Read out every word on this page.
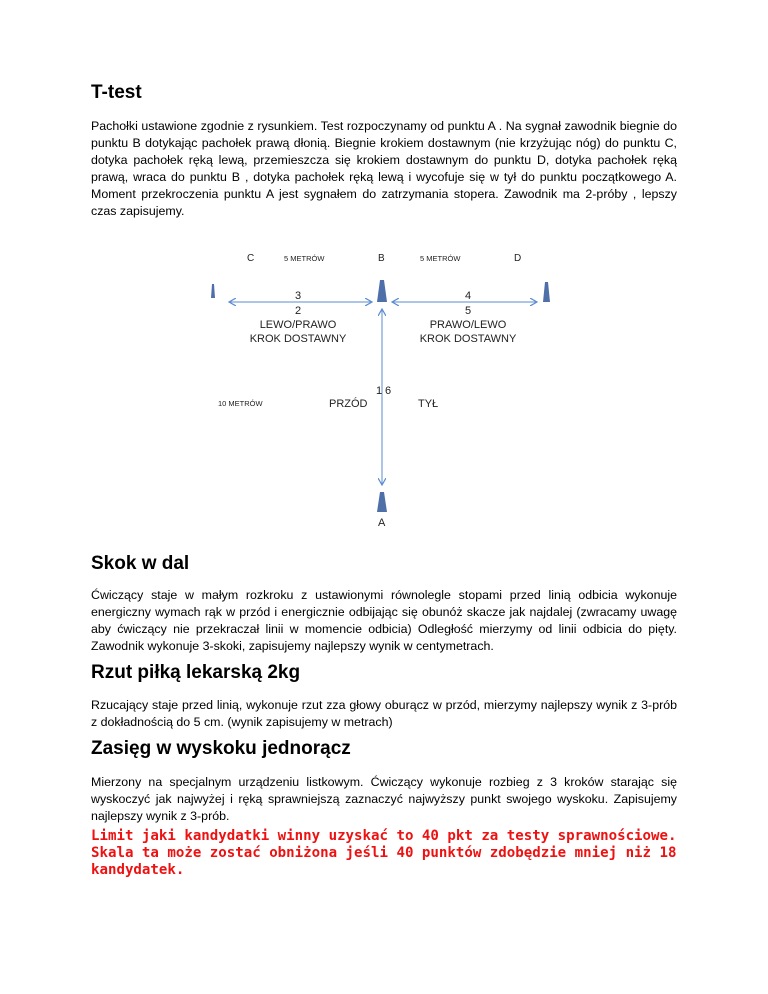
T-test

Pachołki ustawione zgodnie z rysunkiem. Test rozpoczynamy od punktu A . Na sygnał zawodnik biegnie do punktu B dotykając pachołek prawą dłonią. Biegnie krokiem dostawnym (nie krzyżując nóg) do punktu C, dotyka pachołek ręką lewą, przemieszcza się krokiem dostawnym do punktu D, dotyka pachołek ręką prawą, wraca do punktu B , dotyka pachołek ręką lewą i wycofuje się w tył do punktu początkowego A. Moment przekroczenia punktu A jest sygnałem do zatrzymania stopera. Zawodnik ma 2-próby , lepszy czas zapisujemy.

C	5 METRÓW	B	5 METRÓW	D
3
2
LEWO/PRAWO
KROK DOSTAWNY
4
5
PRAWO/LEWO
KROK DOSTAWNY
1 6
10 METRÓW	PRZÓD	TYŁ
A
Skok w dal

Ćwiczący staje w małym rozkroku z ustawionymi równolegle stopami przed linią odbicia wykonuje energiczny wymach rąk w przód i energicznie odbijając się obunóż skacze jak najdalej (zwracamy uwagę aby ćwiczący nie przekraczał linii w momencie odbicia) Odległość mierzymy od linii odbicia do pięty. Zawodnik wykonuje 3-skoki, zapisujemy najlepszy wynik w centymetrach.

Rzut piłką lekarską 2kg

Rzucający staje przed linią, wykonuje rzut zza głowy oburącz w przód, mierzymy najlepszy wynik z 3-prób z dokładnością do 5 cm. (wynik zapisujemy w metrach)

Zasięg w wyskoku jednorącz

Mierzony na specjalnym urządzeniu listkowym. Ćwiczący wykonuje rozbieg z 3 kroków starając się wyskoczyć jak najwyżej i ręką sprawniejszą zaznaczyć najwyższy punkt swojego wyskoku. Zapisujemy najlepszy wynik z 3-prób.

Limit jaki kandydatki winny uzyskać to 40 pkt za testy sprawnościowe. Skala ta może zostać obniżona jeśli 40 punktów zdobędzie mniej niż 18 kandydatek.
